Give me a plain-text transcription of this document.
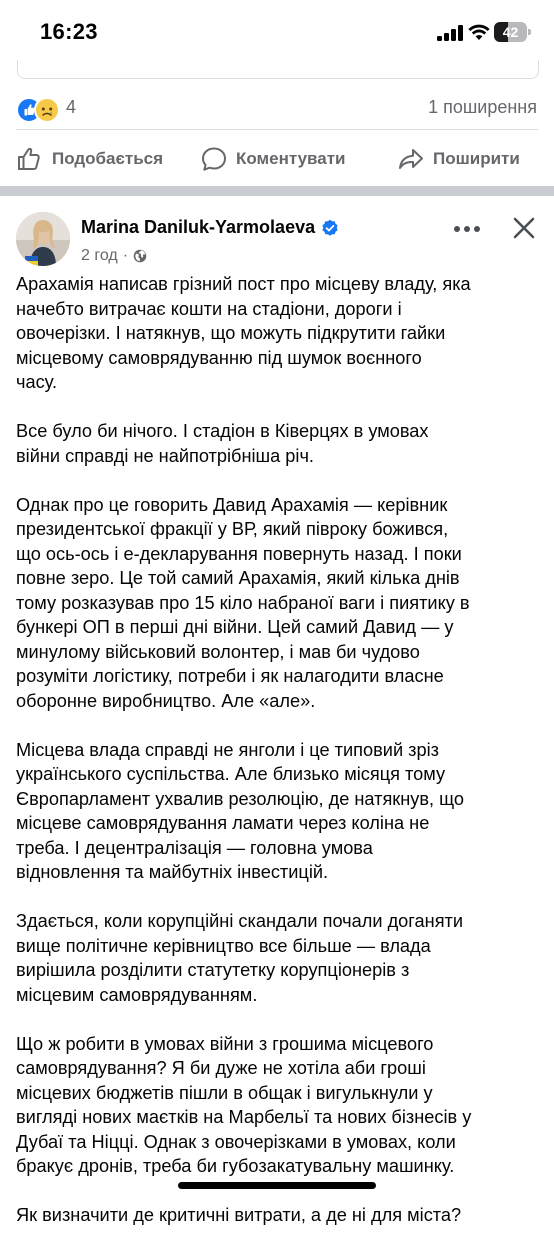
16:23	42
4	1 поширення
Подобається	Коментувати	Поширити
Marina Daniluk-Yarmolaeva
2 год ·

Арахамія написав грізний пост про місцеву владу, яка
начебто витрачає кошти на стадіони, дороги і
овочерізки. І натякнув, що можуть підкрутити гайки
місцевому самоврядуванню під шумок воєнного
часу.

Все було би нічого. І стадіон в Ківерцях в умовах
війни справді не найпотрібніша річ.

Однак про це говорить Давид Арахамія — керівник
президентської фракції у ВР, який півроку божився,
що ось-ось і е-декларування повернуть назад. І поки
повне зеро. Це той самий Арахамія, який кілька днів
тому розказував про 15 кіло набраної ваги і пиятику в
бункері ОП в перші дні війни. Цей самий Давид — у
минулому військовий волонтер, і мав би чудово
розуміти логістику, потреби і як налагодити власне
оборонне виробництво. Але «але».

Місцева влада справді не янголи і це типовий зріз
українського суспільства. Але близько місяця тому
Європарламент ухвалив резолюцію, де натякнув, що
місцеве самоврядування ламати через коліна не
треба. І децентралізація — головна умова
відновлення та майбутніх інвестицій.

Здається, коли корупційні скандали почали доганяти
вище політичне керівництво все більше — влада
вирішила розділити статутетку корупціонерів з
місцевим самоврядуванням.

Що ж робити в умовах війни з грошима місцевого
самоврядування? Я би дуже не хотіла аби гроші
місцевих бюджетів пішли в общак і вигулькнули у
вигляді нових маєтків на Марбельї та нових бізнесів у
Дубаї та Ніцці. Однак з овочерізками в умовах, коли
бракує дронів, треба би губозакатувальну машинку.

Як визначити де критичні витрати, а де ні для міста?
